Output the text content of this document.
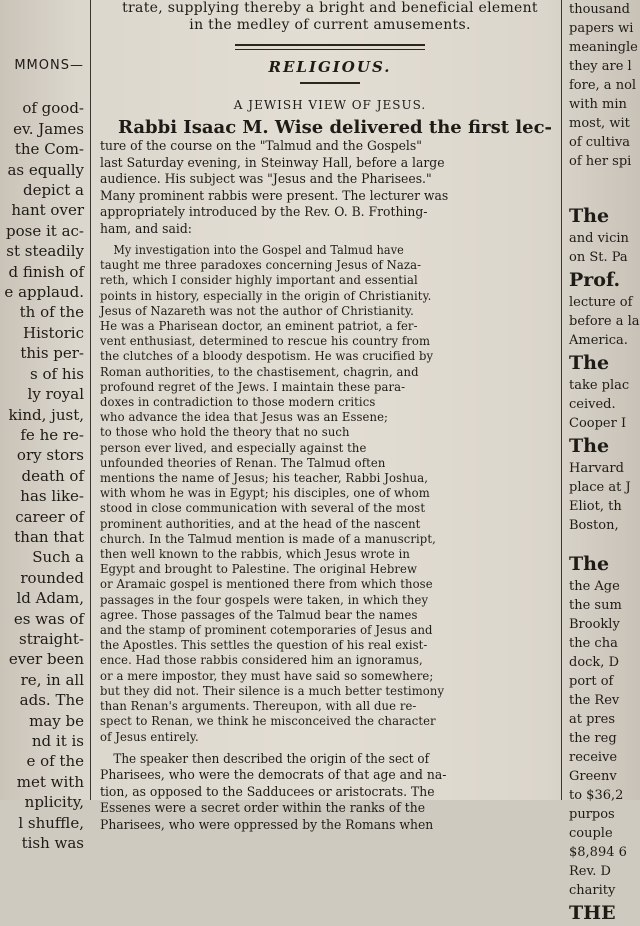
MMONS—
of good-
ev. James
the Com-
as equally
depict a
hant over
pose it ac-
st steadily
d finish of
e applaud.
th of the
Historic
this per-
s of his
ly royal
kind, just,
fe he re-
ory stors
death of
has like-
career of
than that
Such a
rounded
ld Adam,
es was of
straight-
ever been
re, in all
ads. The
may be
nd it is
e of the
met with
nplicity,
l shuffle,
tish was
trate, supplying thereby a bright and beneficial element
in the medley of current amusements.
RELIGIOUS.
A JEWISH VIEW OF JESUS.
Rabbi Isaac M. Wise delivered the first lec-
ture of the course on the "Talmud and the Gospels"
last Saturday evening, in Steinway Hall, before a large
audience. His subject was "Jesus and the Pharisees."
Many prominent rabbis were present. The lecturer was
appropriately introduced by the Rev. O. B. Frothing-
ham, and said:
My investigation into the Gospel and Talmud have
taught me three paradoxes concerning Jesus of Naza-
reth, which I consider highly important and essential
points in history, especially in the origin of Christianity.
Jesus of Nazareth was not the author of Christianity.
He was a Pharisean doctor, an eminent patriot, a fer-
vent enthusiast, determined to rescue his country from
the clutches of a bloody despotism. He was crucified by
Roman authorities, to the chastisement, chagrin, and
profound regret of the Jews. I maintain these para-
doxes in contradiction to those modern critics
who advance the idea that Jesus was an Essene;
to those who hold the theory that no such
person ever lived, and especially against the
unfounded theories of Renan. The Talmud often
mentions the name of Jesus; his teacher, Rabbi Joshua,
with whom he was in Egypt; his disciples, one of whom
stood in close communication with several of the most
prominent authorities, and at the head of the nascent
church. In the Talmud mention is made of a manuscript,
then well known to the rabbis, which Jesus wrote in
Egypt and brought to Palestine. The original Hebrew
or Aramaic gospel is mentioned there from which those
passages in the four gospels were taken, in which they
agree. Those passages of the Talmud bear the names
and the stamp of prominent cotemporaries of Jesus and
the Apostles. This settles the question of his real exist-
ence. Had those rabbis considered him an ignoramus,
or a mere impostor, they must have said so somewhere;
but they did not. Their silence is a much better testimony
than Renan's arguments. Thereupon, with all due re-
spect to Renan, we think he misconceived the character
of Jesus entirely.
The speaker then described the origin of the sect of
Pharisees, who were the democrats of that age and na-
tion, as opposed to the Sadducees or aristocrats. The
Essenes were a secret order within the ranks of the
Pharisees, who were oppressed by the Romans when
thousand
papers wi
meaningle
they are l
fore, a nol
with min
most, wit
of cultiva
of her spi
The
and vicin
on St. Pa
Prof.
lecture of
before a la
America.
The
take plac
ceived.
Cooper I
The
Harvard
place at J
Eliot, th
Boston,
The
the Age
the sum
Brookly
the cha
dock, D
port of
the Rev
at pres
the reg
receive
Greenv
to $36,2
purpos
couple
$8,894 6
Rev. D
charity
THE
